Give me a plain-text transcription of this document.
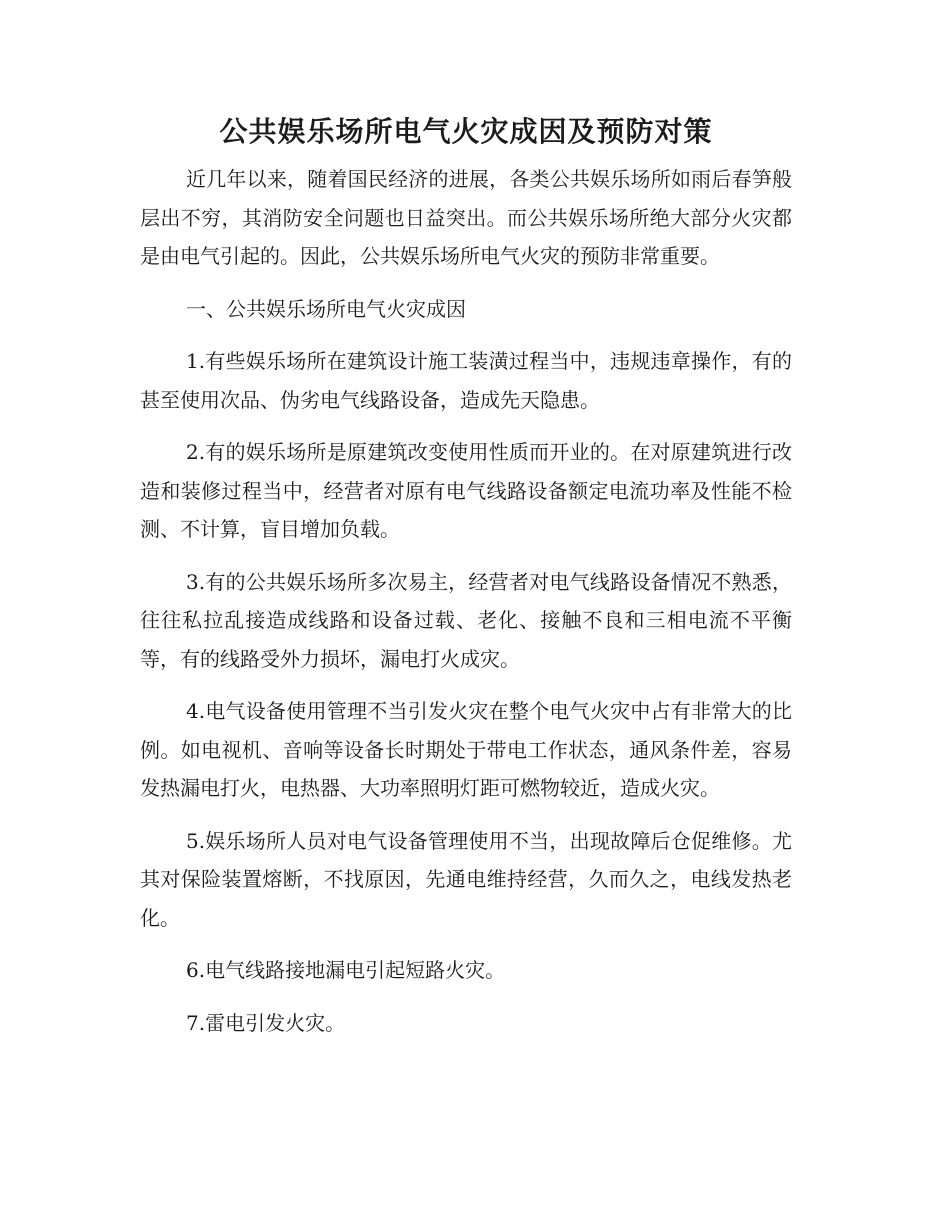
公共娱乐场所电气火灾成因及预防对策

近几年以来，随着国民经济的进展，各类公共娱乐场所如雨后春笋般层出不穷，其消防安全问题也日益突出。而公共娱乐场所绝大部分火灾都是由电气引起的。因此，公共娱乐场所电气火灾的预防非常重要。

一、公共娱乐场所电气火灾成因

1.有些娱乐场所在建筑设计施工装潢过程当中，违规违章操作，有的甚至使用次品、伪劣电气线路设备，造成先天隐患。

2.有的娱乐场所是原建筑改变使用性质而开业的。在对原建筑进行改造和装修过程当中，经营者对原有电气线路设备额定电流功率及性能不检测、不计算，盲目增加负载。

3.有的公共娱乐场所多次易主，经营者对电气线路设备情况不熟悉，往往私拉乱接造成线路和设备过载、老化、接触不良和三相电流不平衡等，有的线路受外力损坏，漏电打火成灾。

4.电气设备使用管理不当引发火灾在整个电气火灾中占有非常大的比例。如电视机、音响等设备长时期处于带电工作状态，通风条件差，容易发热漏电打火，电热器、大功率照明灯距可燃物较近，造成火灾。

5.娱乐场所人员对电气设备管理使用不当，出现故障后仓促维修。尤其对保险装置熔断，不找原因，先通电维持经营，久而久之，电线发热老化。

6.电气线路接地漏电引起短路火灾。

7.雷电引发火灾。
